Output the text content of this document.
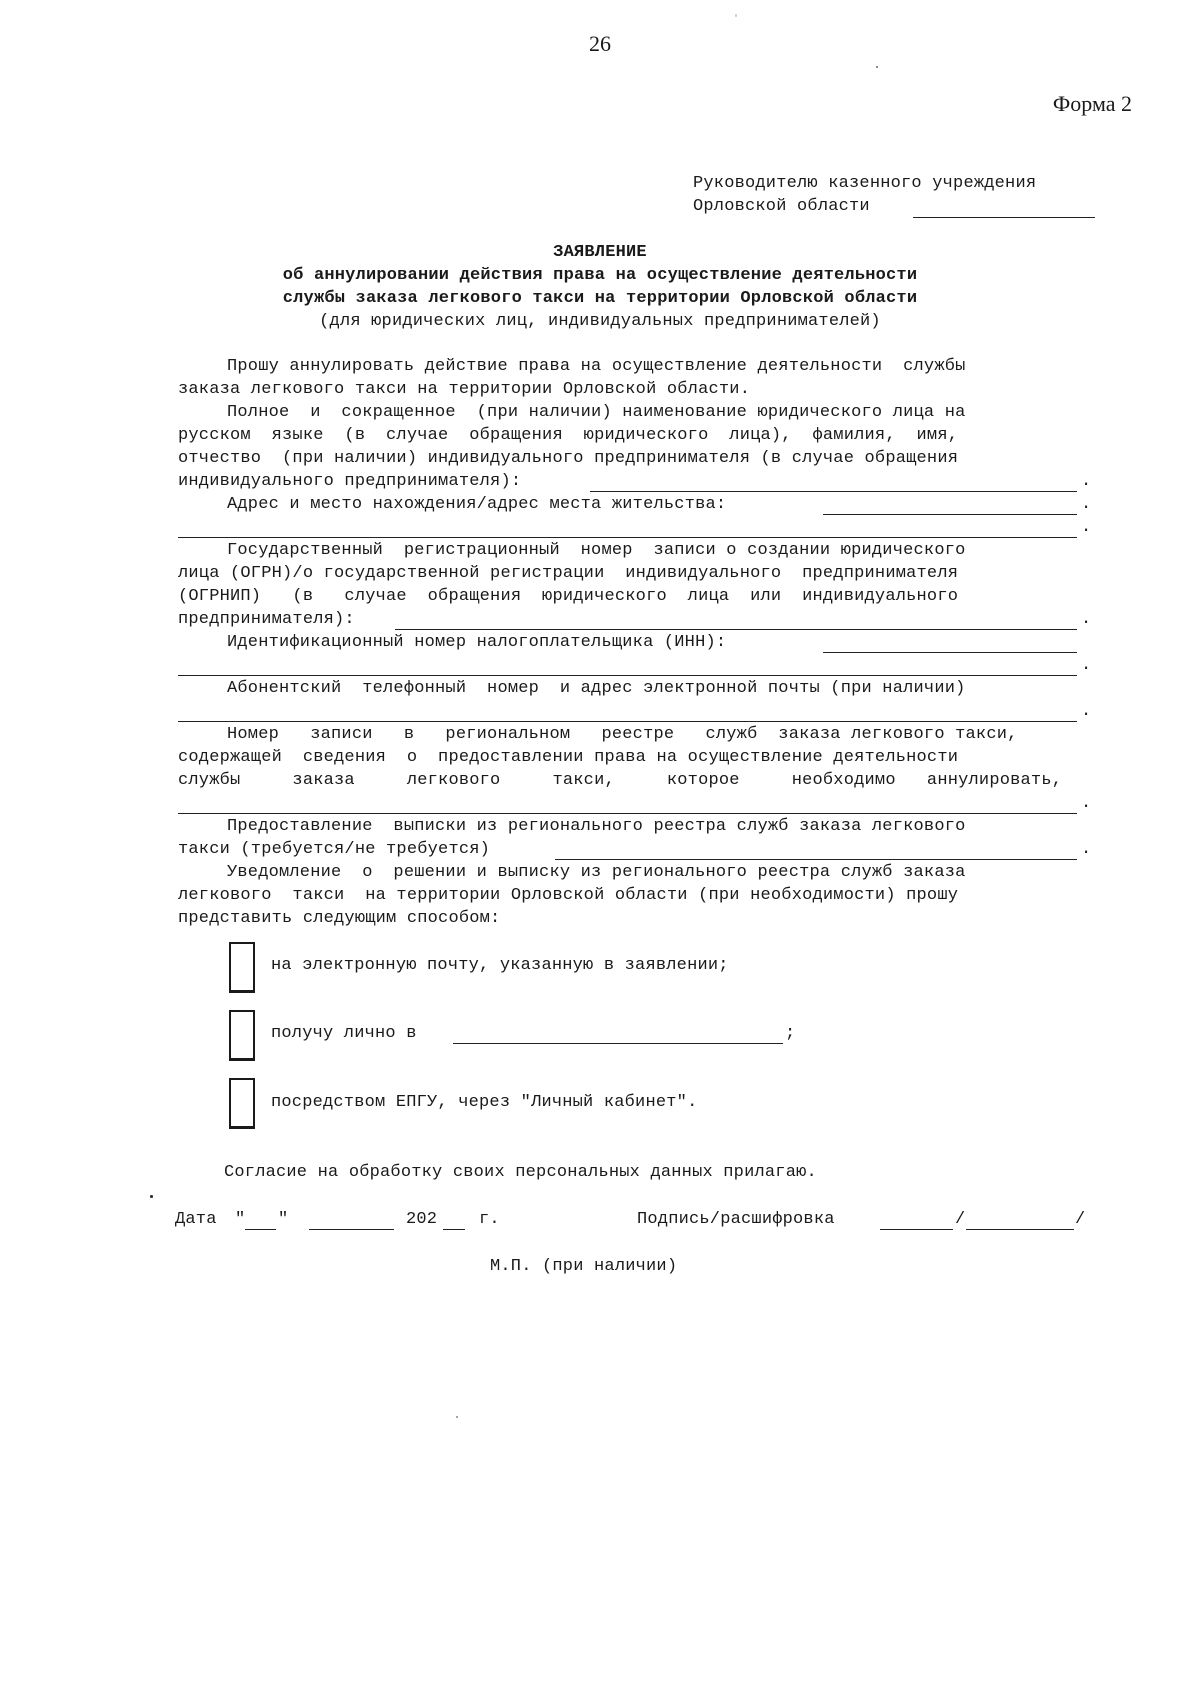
26
Форма 2
Руководителю казенного учреждения
Орловской области
ЗАЯВЛЕНИЕ
об аннулировании действия права на осуществление деятельности
службы заказа легкового такси на территории Орловской области
(для юридических лиц, индивидуальных предпринимателей)
Прошу аннулировать действие права на осуществление деятельности  службы
заказа легкового такси на территории Орловской области.
Полное  и  сокращенное  (при наличии) наименование юридического лица на
русском  языке  (в  случае  обращения  юридического  лица),  фамилия,  имя,
отчество  (при наличии) индивидуального предпринимателя (в случае обращения
индивидуального предпринимателя):	.
Адрес и место нахождения/адрес места жительства:	.
.
Государственный  регистрационный  номер  записи о создании юридического
лица (ОГРН)/о государственной регистрации  индивидуального  предпринимателя
(ОГРНИП)   (в   случае  обращения  юридического  лица  или  индивидуального
предпринимателя):	.
Идентификационный номер налогоплательщика (ИНН):
.
Абонентский  телефонный  номер  и адрес электронной почты (при наличии)
.
Номер   записи   в   региональном   реестре   служб  заказа легкового такси,
содержащей  сведения  о  предоставлении права на осуществление деятельности
службы     заказа     легкового     такси,     которое     необходимо   аннулировать,
.
Предоставление  выписки из регионального реестра служб заказа легкового
такси (требуется/не требуется)	.
Уведомление  о  решении и выписку из регионального реестра служб заказа
легкового  такси  на территории Орловской области (при необходимости) прошу
представить следующим способом:
на электронную почту, указанную в заявлении;
получу лично в	;
посредством ЕПГУ, через "Личный кабинет".
Согласие на обработку своих персональных данных прилагаю.
Дата " "	202 г.	Подпись/расшифровка	/	/
М.П. (при наличии)
